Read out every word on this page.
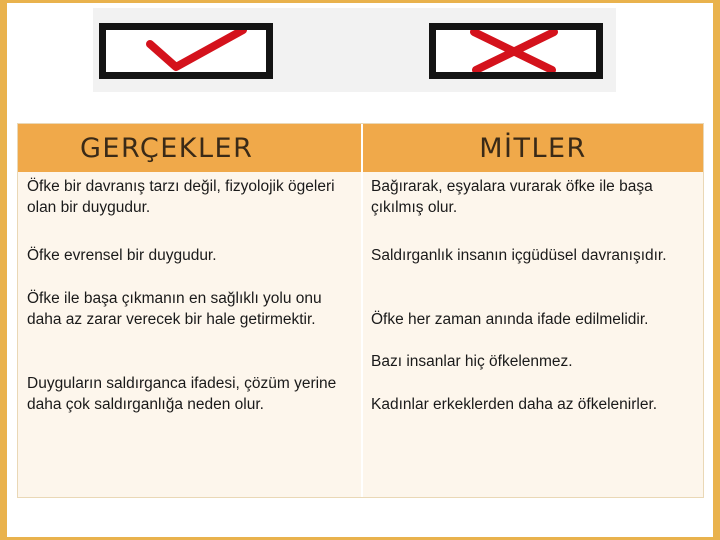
GERÇEKLER	MİTLER
Öfke bir davranış tarzı değil, fizyolojik ögeleri olan bir duygudur.
Öfke evrensel bir duygudur.
Öfke ile başa çıkmanın en sağlıklı yolu onu daha az zarar verecek bir hale getirmektir.
Duyguların saldırganca ifadesi, çözüm yerine daha çok saldırganlığa neden olur.
Bağırarak, eşyalara vurarak öfke ile başa çıkılmış olur.
Saldırganlık insanın içgüdüsel davranışıdır.
Öfke her zaman anında ifade edilmelidir.
Bazı insanlar hiç öfkelenmez.
Kadınlar erkeklerden daha az öfkelenirler.
